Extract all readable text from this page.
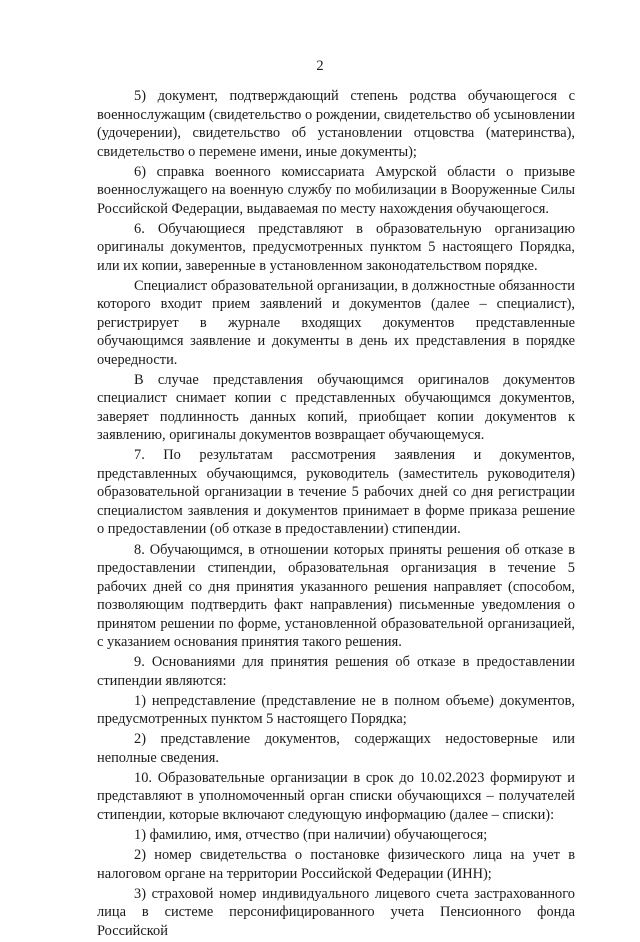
2

5) документ, подтверждающий степень родства обучающегося с военнослужащим (свидетельство о рождении, свидетельство об усыновлении (удочерении), свидетельство об установлении отцовства (материнства), свидетельство о перемене имени, иные документы);

6) справка военного комиссариата Амурской области о призыве военнослужащего на военную службу по мобилизации в Вооруженные Силы Российской Федерации, выдаваемая по месту нахождения обучающегося.

6. Обучающиеся представляют в образовательную организацию оригиналы документов, предусмотренных пунктом 5 настоящего Порядка, или их копии, заверенные в установленном законодательством порядке.

Специалист образовательной организации, в должностные обязанности которого входит прием заявлений и документов (далее – специалист), регистрирует в журнале входящих документов представленные обучающимся заявление и документы в день их представления в порядке очередности.

В случае представления обучающимся оригиналов документов специалист снимает копии с представленных обучающимся документов, заверяет подлинность данных копий, приобщает копии документов к заявлению, оригиналы документов возвращает обучающемуся.

7. По результатам рассмотрения заявления и документов, представленных обучающимся, руководитель (заместитель руководителя) образовательной организации в течение 5 рабочих дней со дня регистрации специалистом заявления и документов принимает в форме приказа решение о предоставлении (об отказе в предоставлении) стипендии.

8. Обучающимся, в отношении которых приняты решения об отказе в предоставлении стипендии, образовательная организация в течение 5 рабочих дней со дня принятия указанного решения направляет (способом, позволяющим подтвердить факт направления) письменные уведомления о принятом решении по форме, установленной образовательной организацией, с указанием основания принятия такого решения.

9. Основаниями для принятия решения об отказе в предоставлении стипендии являются:

1) непредставление (представление не в полном объеме) документов, предусмотренных пунктом 5 настоящего Порядка;

2) представление документов, содержащих недостоверные или неполные сведения.

10. Образовательные организации в срок до 10.02.2023 формируют и представляют в уполномоченный орган списки обучающихся – получателей стипендии, которые включают следующую информацию (далее – списки):

1) фамилию, имя, отчество (при наличии) обучающегося;

2) номер свидетельства о постановке физического лица на учет в налоговом органе на территории Российской Федерации (ИНН);

3) страховой номер индивидуального лицевого счета застрахованного лица в системе персонифицированного учета Пенсионного фонда Российской
